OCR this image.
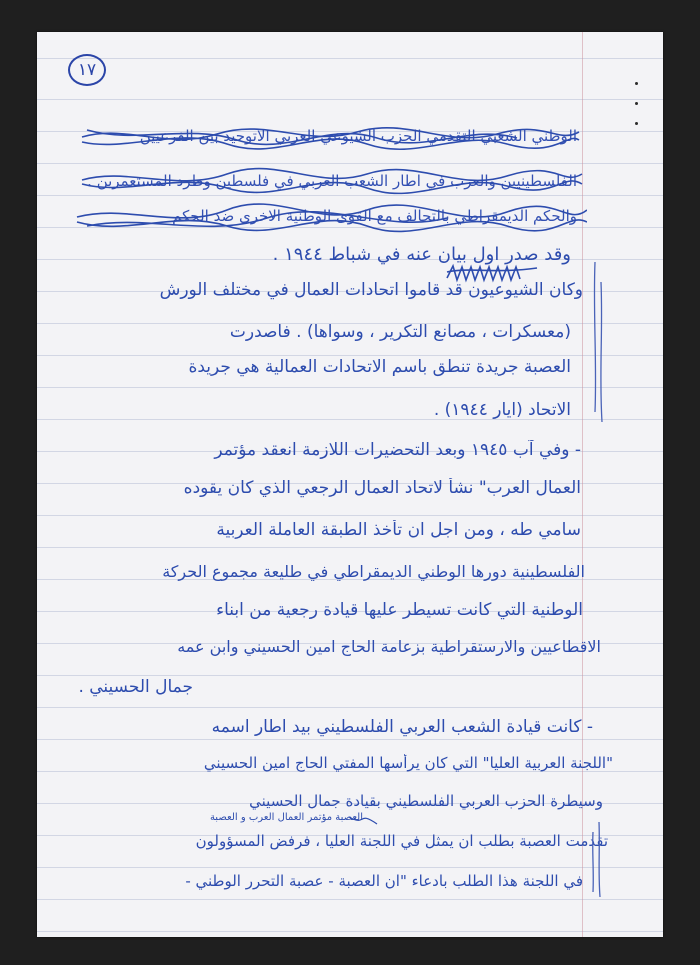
١٧
الوطني الشعبي التقدمي الحزب الشيوعي العربي الاتوحيد بين الفرعيين
الفلسطينيين والعرب في اطار الشعب العربي في فلسطين وطرد المستعمرين .
والحكم الديمقراطي بالتحالف مع القوى الوطنية الاخرى ضد الحكم
وقد صدر اول بيان عنه في شباط ١٩٤٤ .
وكان الشيوعيون قد قاموا اتحادات العمال في مختلف الورش
(معسكرات ، مصانع التكرير ، وسواها) . فاصدرت
العصبة جريدة تنطق باسم الاتحادات العمالية هي جريدة
الاتحاد (ايار ١٩٤٤) .
- وفي آب ١٩٤٥ وبعد التحضيرات اللازمة انعقد مؤتمر
العمال العرب" نشأ لاتحاد العمال الرجعي الذي كان يقوده
سامي طه ، ومن اجل ان تأخذ الطبقة العاملة العربية
الفلسطينية دورها الوطني الديمقراطي في طليعة مجموع الحركة
الوطنية التي كانت تسيطر عليها قيادة رجعية من ابناء
الاقطاعيين والارستقراطية بزعامة الحاج امين الحسيني وابن عمه
جمال الحسيني .
- كانت قيادة الشعب العربي الفلسطيني بيد اطار اسمه
"اللجنة العربية العليا" التي كان يرأسها المفتي الحاج امين الحسيني
وسيطرة الحزب العربي الفلسطيني بقيادة جمال الحسيني
العصبة مؤتمر العمال العرب و العصبة
تقدمت العصبة بطلب ان يمثل في اللجنة العليا ، فرفض المسؤولون
في اللجنة هذا الطلب بادعاء "ان العصبة - عصبة التحرر الوطني -
